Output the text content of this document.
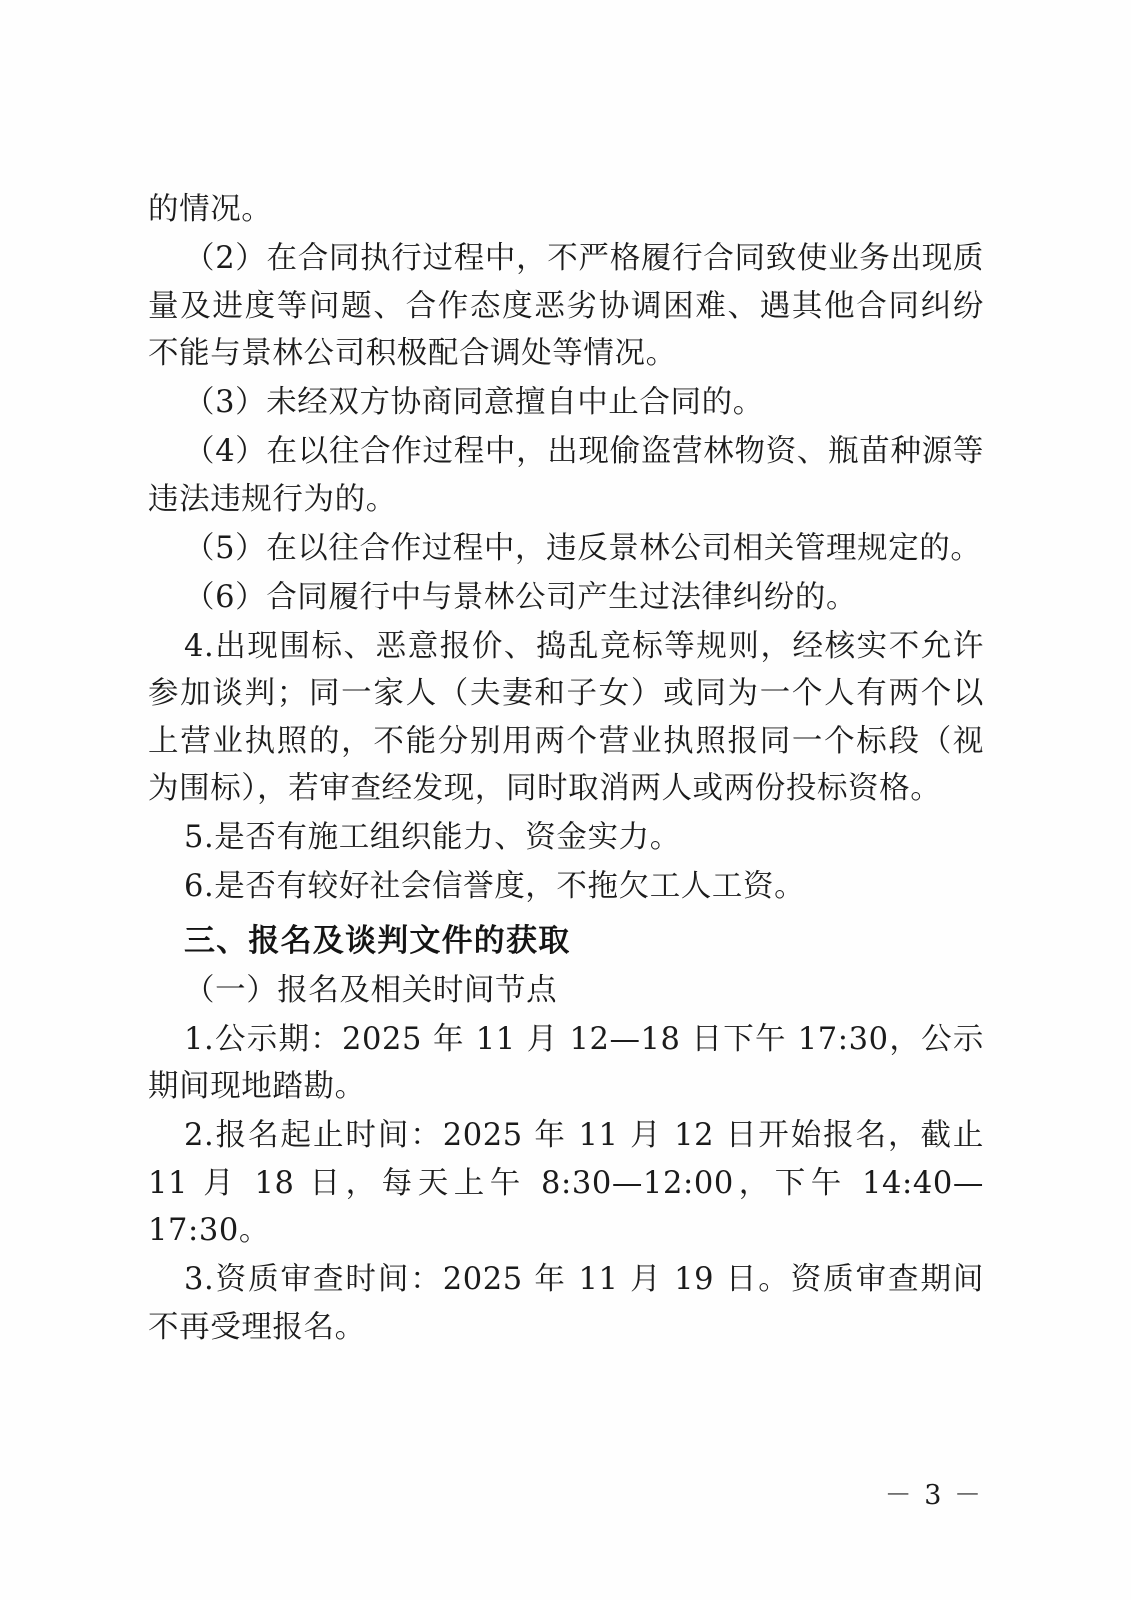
的情况。

（2）在合同执行过程中，不严格履行合同致使业务出现质量及进度等问题、合作态度恶劣协调困难、遇其他合同纠纷不能与景林公司积极配合调处等情况。

（3）未经双方协商同意擅自中止合同的。

（4）在以往合作过程中，出现偷盗营林物资、瓶苗种源等违法违规行为的。

（5）在以往合作过程中，违反景林公司相关管理规定的。

（6）合同履行中与景林公司产生过法律纠纷的。

4.出现围标、恶意报价、捣乱竞标等规则，经核实不允许参加谈判；同一家人（夫妻和子女）或同为一个人有两个以上营业执照的，不能分别用两个营业执照报同一个标段（视为围标），若审查经发现，同时取消两人或两份投标资格。

5.是否有施工组织能力、资金实力。

6.是否有较好社会信誉度，不拖欠工人工资。

三、报名及谈判文件的获取

（一）报名及相关时间节点

1.公示期：2025 年 11 月 12—18 日下午 17:30，公示期间现地踏勘。

2.报名起止时间：2025 年 11 月 12 日开始报名，截止 11 月 18 日，每天上午 8:30—12:00，下午 14:40—17:30。

3.资质审查时间：2025 年 11 月 19 日。资质审查期间不再受理报名。

－ 3 －
